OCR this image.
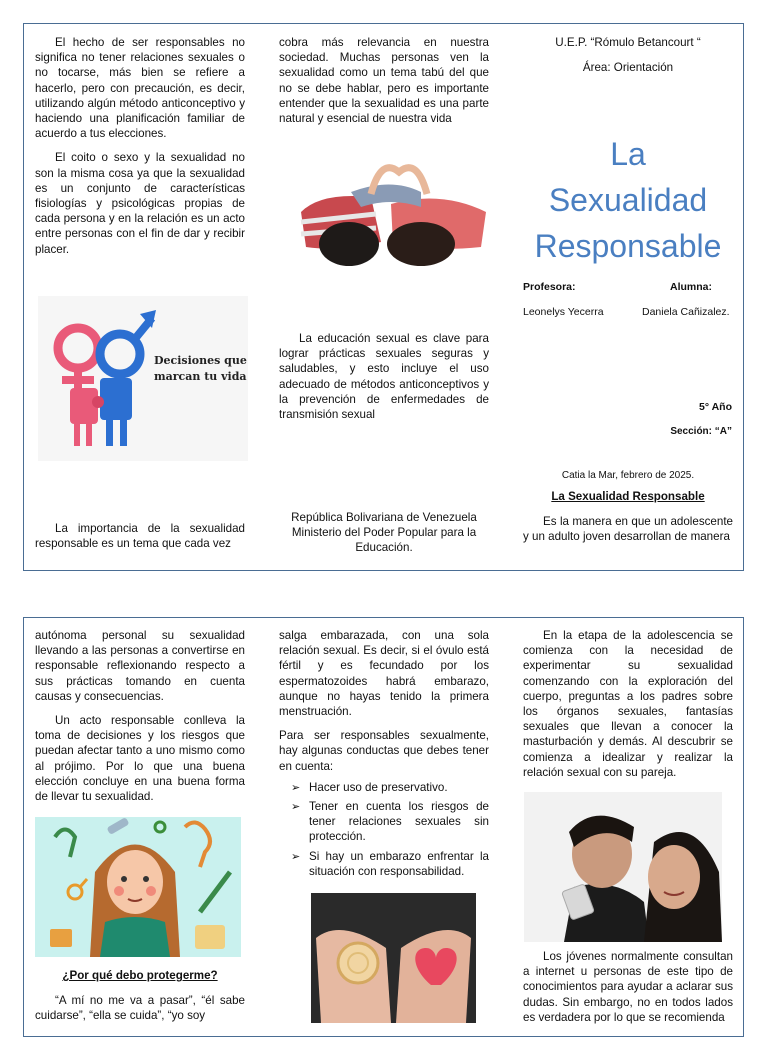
El hecho de ser responsables no significa no tener relaciones sexuales o no tocarse, más bien se refiere a hacerlo, pero con precaución, es decir, utilizando algún método anticonceptivo y haciendo una planificación familiar de acuerdo a tus elecciones.

El coito o sexo y la sexualidad no son la misma cosa ya que la sexualidad es un conjunto de características fisiologías y psicológicas propias de cada persona y en la relación es un acto entre personas con el fin de dar y recibir placer.

Decisiones que
marcan tu vida

La importancia de la sexualidad responsable es un tema que cada vez

cobra más relevancia en nuestra sociedad. Muchas personas ven la sexualidad como un tema tabú del que no se debe hablar, pero es importante entender que la sexualidad es una parte natural y esencial de nuestra vida

La educación sexual es clave para lograr prácticas sexuales seguras y saludables, y esto incluye el uso adecuado de métodos anticonceptivos y la prevención de enfermedades de transmisión sexual

República Bolivariana de Venezuela Ministerio del Poder Popular para la Educación.

U.E.P. “Rómulo Betancourt “

Área: Orientación

La
Sexualidad
Responsable
Profesora:	Alumna:
Leonelys Yecerra	Daniela Cañizalez.
5° Año
Sección: “A”
Catia la Mar, febrero de 2025.
La Sexualidad Responsable

Es la manera en que un adolescente y un adulto joven desarrollan de manera

autónoma personal su sexualidad llevando a las personas a convertirse en responsable reflexionando respecto a sus prácticas tomando en cuenta causas y consecuencias.

Un acto responsable conlleva la toma de decisiones y los riesgos que puedan afectar tanto a uno mismo como al prójimo. Por lo que una buena elección concluye en una buena forma de llevar tu sexualidad.

¿Por qué debo protegerme?

“A mí no me va a pasar”, “él sabe cuidarse”, “ella se cuida”, “yo soy

salga embarazada, con una sola relación sexual. Es decir, si el óvulo está fértil y es fecundado por los espermatozoides habrá embarazo, aunque no hayas tenido la primera menstruación.

Para ser responsables sexualmente, hay algunas conductas que debes tener en cuenta:

➢ Hacer uso de preservativo.
➢ Tener en cuenta los riesgos de tener relaciones sexuales sin protección.
➢ Si hay un embarazo enfrentar la situación con responsabilidad.

En la etapa de la adolescencia se comienza con la necesidad de experimentar su sexualidad comenzando con la exploración del cuerpo, preguntas a los padres sobre los órganos sexuales, fantasías sexuales que llevan a conocer la masturbación y demás. Al descubrir se comienza a idealizar y realizar la relación sexual con su pareja.

Los jóvenes normalmente consultan a internet u personas de este tipo de conocimientos para ayudar a aclarar sus dudas. Sin embargo, no en todos lados es verdadera por lo que se recomienda
